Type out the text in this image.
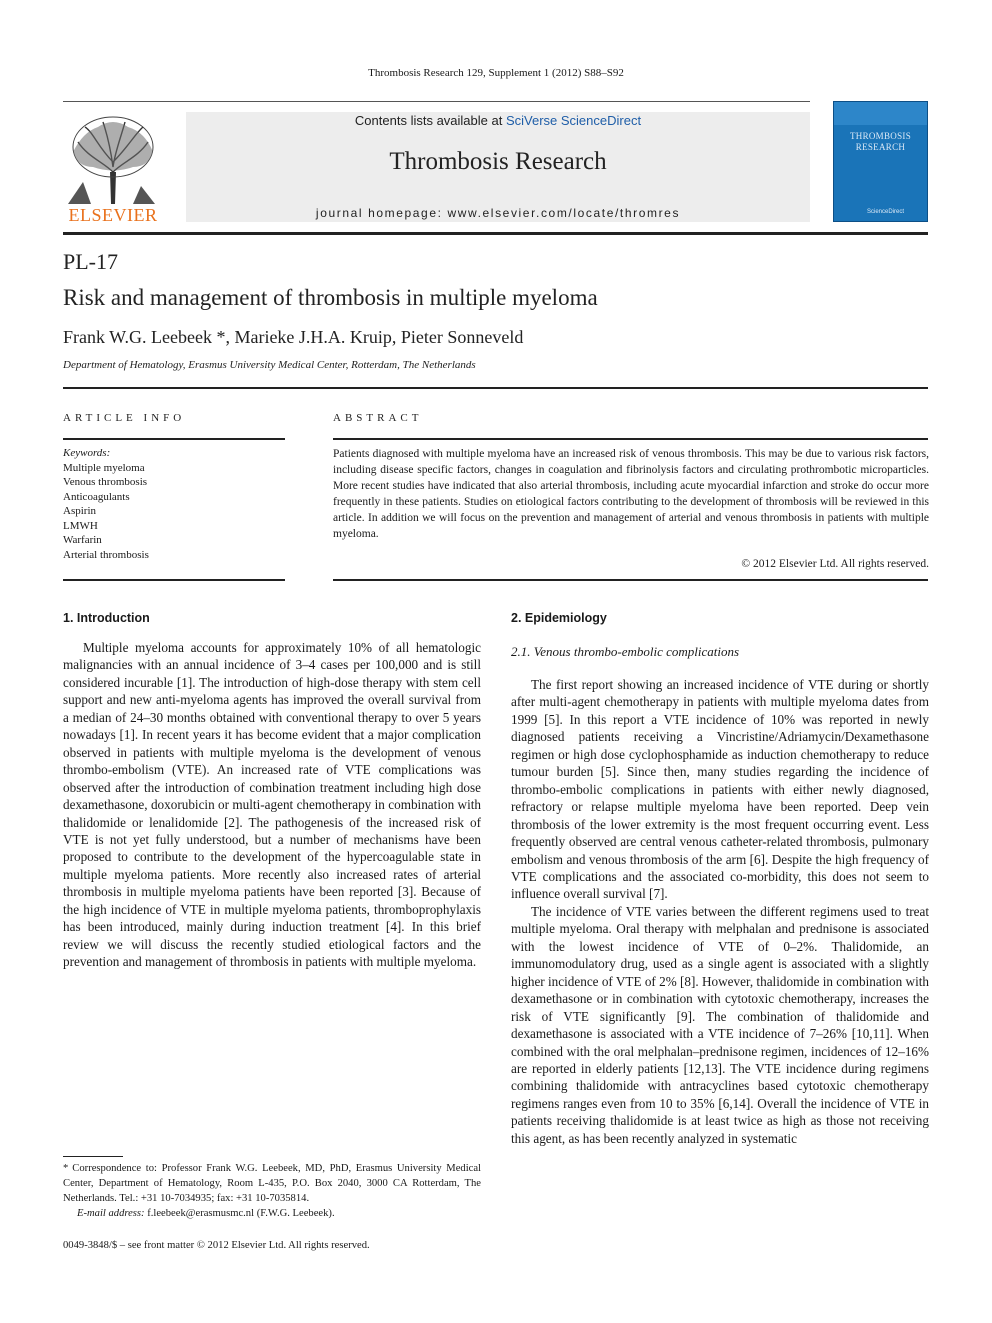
Thrombosis Research 129, Supplement 1 (2012) S88–S92
ELSEVIER
Contents lists available at SciVerse ScienceDirect
Thrombosis Research
journal homepage: www.elsevier.com/locate/thromres
THROMBOSIS
RESEARCH
ScienceDirect
PL-17
Risk and management of thrombosis in multiple myeloma
Frank W.G. Leebeek *, Marieke J.H.A. Kruip, Pieter Sonneveld
Department of Hematology, Erasmus University Medical Center, Rotterdam, The Netherlands
ARTICLE INFO	ABSTRACT
Keywords:
Multiple myeloma
Venous thrombosis
Anticoagulants
Aspirin
LMWH
Warfarin
Arterial thrombosis
Patients diagnosed with multiple myeloma have an increased risk of venous thrombosis. This may be due to various risk factors, including disease specific factors, changes in coagulation and fibrinolysis factors and circulating prothrombotic microparticles. More recent studies have indicated that also arterial thrombosis, including acute myocardial infarction and stroke do occur more frequently in these patients. Studies on etiological factors contributing to the development of thrombosis will be reviewed in this article. In addition we will focus on the prevention and management of arterial and venous thrombosis in patients with multiple myeloma.
© 2012 Elsevier Ltd. All rights reserved.
1. Introduction
Multiple myeloma accounts for approximately 10% of all hematologic malignancies with an annual incidence of 3–4 cases per 100,000 and is still considered incurable [1]. The introduction of high-dose therapy with stem cell support and new anti-myeloma agents has improved the overall survival from a median of 24–30 months obtained with conventional therapy to over 5 years nowadays [1]. In recent years it has become evident that a major complication observed in patients with multiple myeloma is the development of venous thrombo-embolism (VTE). An increased rate of VTE complications was observed after the introduction of combination treatment including high dose dexamethasone, doxorubicin or multi-agent chemotherapy in combination with thalidomide or lenalidomide [2]. The pathogenesis of the increased risk of VTE is not yet fully understood, but a number of mechanisms have been proposed to contribute to the development of the hypercoagulable state in multiple myeloma patients. More recently also increased rates of arterial thrombosis in multiple myeloma patients have been reported [3]. Because of the high incidence of VTE in multiple myeloma patients, thromboprophylaxis has been introduced, mainly during induction treatment [4]. In this brief review we will discuss the recently studied etiological factors and the prevention and management of thrombosis in patients with multiple myeloma.
2. Epidemiology
2.1. Venous thrombo-embolic complications
The first report showing an increased incidence of VTE during or shortly after multi-agent chemotherapy in patients with multiple myeloma dates from 1999 [5]. In this report a VTE incidence of 10% was reported in newly diagnosed patients receiving a Vincristine/Adriamycin/Dexamethasone regimen or high dose cyclophosphamide as induction chemotherapy to reduce tumour burden [5]. Since then, many studies regarding the incidence of thrombo-embolic complications in patients with either newly diagnosed, refractory or relapse multiple myeloma have been reported. Deep vein thrombosis of the lower extremity is the most frequent occurring event. Less frequently observed are central venous catheter-related thrombosis, pulmonary embolism and venous thrombosis of the arm [6]. Despite the high frequency of VTE complications and the associated co-morbidity, this does not seem to influence overall survival [7].
The incidence of VTE varies between the different regimens used to treat multiple myeloma. Oral therapy with melphalan and prednisone is associated with the lowest incidence of VTE of 0–2%. Thalidomide, an immunomodulatory drug, used as a single agent is associated with a slightly higher incidence of VTE of 2% [8]. However, thalidomide in combination with dexamethasone or in combination with cytotoxic chemotherapy, increases the risk of VTE significantly [9]. The combination of thalidomide and dexamethasone is associated with a VTE incidence of 7–26% [10,11]. When combined with the oral melphalan–prednisone regimen, incidences of 12–16% are reported in elderly patients [12,13]. The VTE incidence during regimens combining thalidomide with antracyclines based cytotoxic chemotherapy regimens ranges even from 10 to 35% [6,14]. Overall the incidence of VTE in patients receiving thalidomide is at least twice as high as those not receiving this agent, as has been recently analyzed in systematic
* Correspondence to: Professor Frank W.G. Leebeek, MD, PhD, Erasmus University Medical Center, Department of Hematology, Room L-435, P.O. Box 2040, 3000 CA Rotterdam, The Netherlands. Tel.: +31 10-7034935; fax: +31 10-7035814.
E-mail address: f.leebeek@erasmusmc.nl (F.W.G. Leebeek).
0049-3848/$ – see front matter © 2012 Elsevier Ltd. All rights reserved.
